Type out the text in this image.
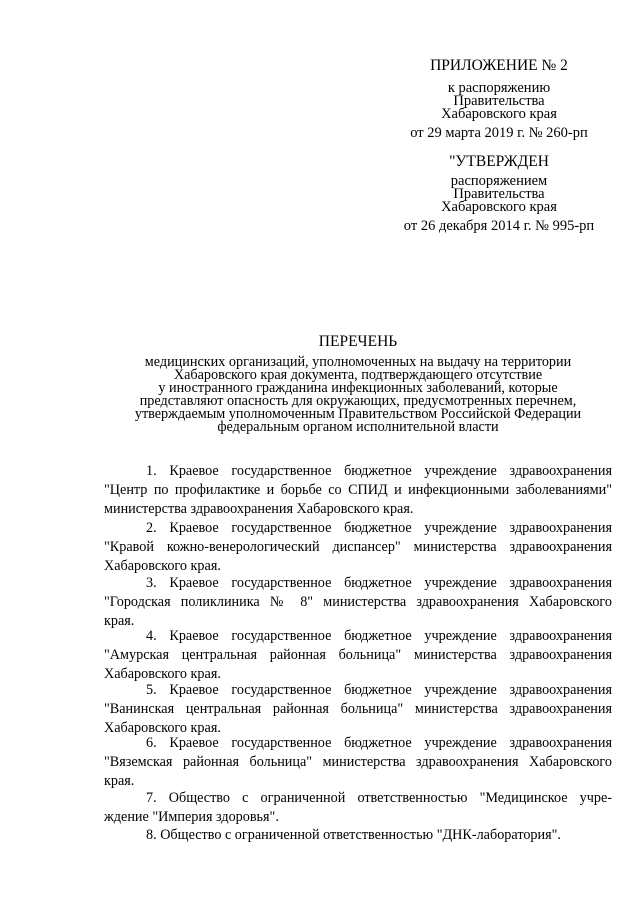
ПРИЛОЖЕНИЕ № 2
к распоряжению
Правительства
Хабаровского края
от 29 марта 2019 г. № 260-рп
"УТВЕРЖДЕН
распоряжением
Правительства
Хабаровского края
от 26 декабря 2014 г. № 995-рп
ПЕРЕЧЕНЬ
медицинских организаций, уполномоченных на выдачу на территории
Хабаровского края документа, подтверждающего отсутствие
у иностранного гражданина инфекционных заболеваний, которые
представляют опасность для окружающих, предусмотренных перечнем,
утверждаемым уполномоченным Правительством Российской Федерации
федеральным органом исполнительной власти
1. Краевое государственное бюджетное учреждение здравоохранения
"Центр по профилактике и борьбе со СПИД и инфекционными заболеваниями"
министерства здравоохранения Хабаровского края.
2. Краевое государственное бюджетное учреждение здравоохранения
"Кравой кожно-венерологический диспансер" министерства здравоохранения
Хабаровского края.
3. Краевое государственное бюджетное учреждение здравоохранения
"Городская поликлиника № 8" министерства здравоохранения Хабаровского
края.
4. Краевое государственное бюджетное учреждение здравоохранения
"Амурская центральная районная больница" министерства здравоохранения
Хабаровского края.
5. Краевое государственное бюджетное учреждение здравоохранения
"Ванинская центральная районная больница" министерства здравоохранения
Хабаровского края.
6. Краевое государственное бюджетное учреждение здравоохранения
"Вяземская районная больница" министерства здравоохранения Хабаровского
края.
7. Общество с ограниченной ответственностью "Медицинское учре-
ждение "Империя здоровья".
8. Общество с ограниченной ответственностью "ДНК-лаборатория".
